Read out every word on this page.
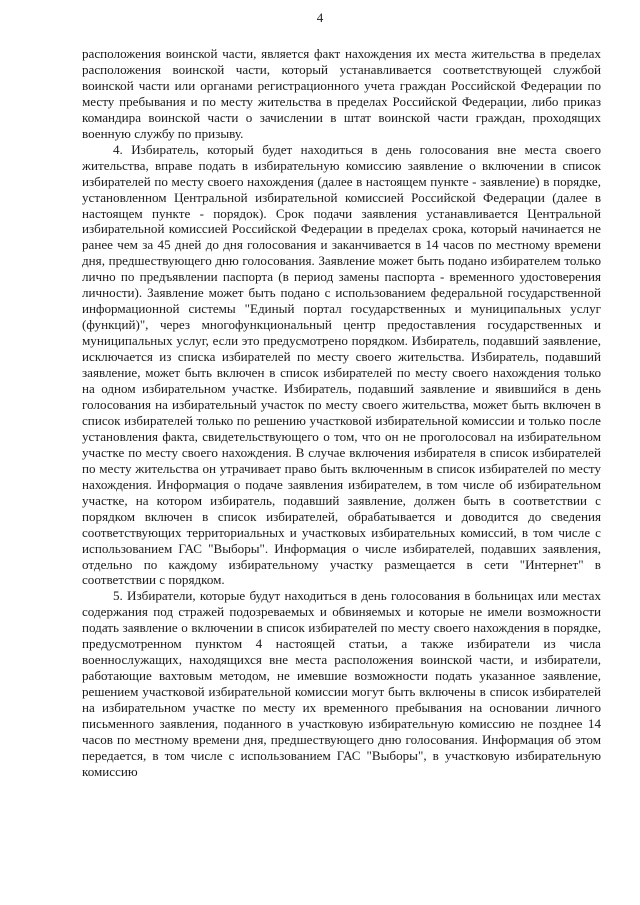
4

расположения воинской части, является факт нахождения их места жительства в пределах расположения воинской части, который устанавливается соответствующей службой воинской части или органами регистрационного учета граждан Российской Федерации по месту пребывания и по месту жительства в пределах Российской Федерации, либо приказ командира воинской части о зачислении в штат воинской части граждан, проходящих военную службу по призыву.

4. Избиратель, который будет находиться в день голосования вне места своего жительства, вправе подать в избирательную комиссию заявление о включении в список избирателей по месту своего нахождения (далее в настоящем пункте - заявление) в порядке, установленном Центральной избирательной комиссией Российской Федерации (далее в настоящем пункте - порядок). Срок подачи заявления устанавливается Центральной избирательной комиссией Российской Федерации в пределах срока, который начинается не ранее чем за 45 дней до дня голосования и заканчивается в 14 часов по местному времени дня, предшествующего дню голосования. Заявление может быть подано избирателем только лично по предъявлении паспорта (в период замены паспорта - временного удостоверения личности). Заявление может быть подано с использованием федеральной государственной информационной системы "Единый портал государственных и муниципальных услуг (функций)", через многофункциональный центр предоставления государственных и муниципальных услуг, если это предусмотрено порядком. Избиратель, подавший заявление, исключается из списка избирателей по месту своего жительства. Избиратель, подавший заявление, может быть включен в список избирателей по месту своего нахождения только на одном избирательном участке. Избиратель, подавший заявление и явившийся в день голосования на избирательный участок по месту своего жительства, может быть включен в список избирателей только по решению участковой избирательной комиссии и только после установления факта, свидетельствующего о том, что он не проголосовал на избирательном участке по месту своего нахождения. В случае включения избирателя в список избирателей по месту жительства он утрачивает право быть включенным в список избирателей по месту нахождения. Информация о подаче заявления избирателем, в том числе об избирательном участке, на котором избиратель, подавший заявление, должен быть в соответствии с порядком включен в список избирателей, обрабатывается и доводится до сведения соответствующих территориальных и участковых избирательных комиссий, в том числе с использованием ГАС "Выборы". Информация о числе избирателей, подавших заявления, отдельно по каждому избирательному участку размещается в сети "Интернет" в соответствии с порядком.

5. Избиратели, которые будут находиться в день голосования в больницах или местах содержания под стражей подозреваемых и обвиняемых и которые не имели возможности подать заявление о включении в список избирателей по месту своего нахождения в порядке, предусмотренном пунктом 4 настоящей статьи, а также избиратели из числа военнослужащих, находящихся вне места расположения воинской части, и избиратели, работающие вахтовым методом, не имевшие возможности подать указанное заявление, решением участковой избирательной комиссии могут быть включены в список избирателей на избирательном участке по месту их временного пребывания на основании личного письменного заявления, поданного в участковую избирательную комиссию не позднее 14 часов по местному времени дня, предшествующего дню голосования. Информация об этом передается, в том числе с использованием ГАС "Выборы", в участковую избирательную комиссию
